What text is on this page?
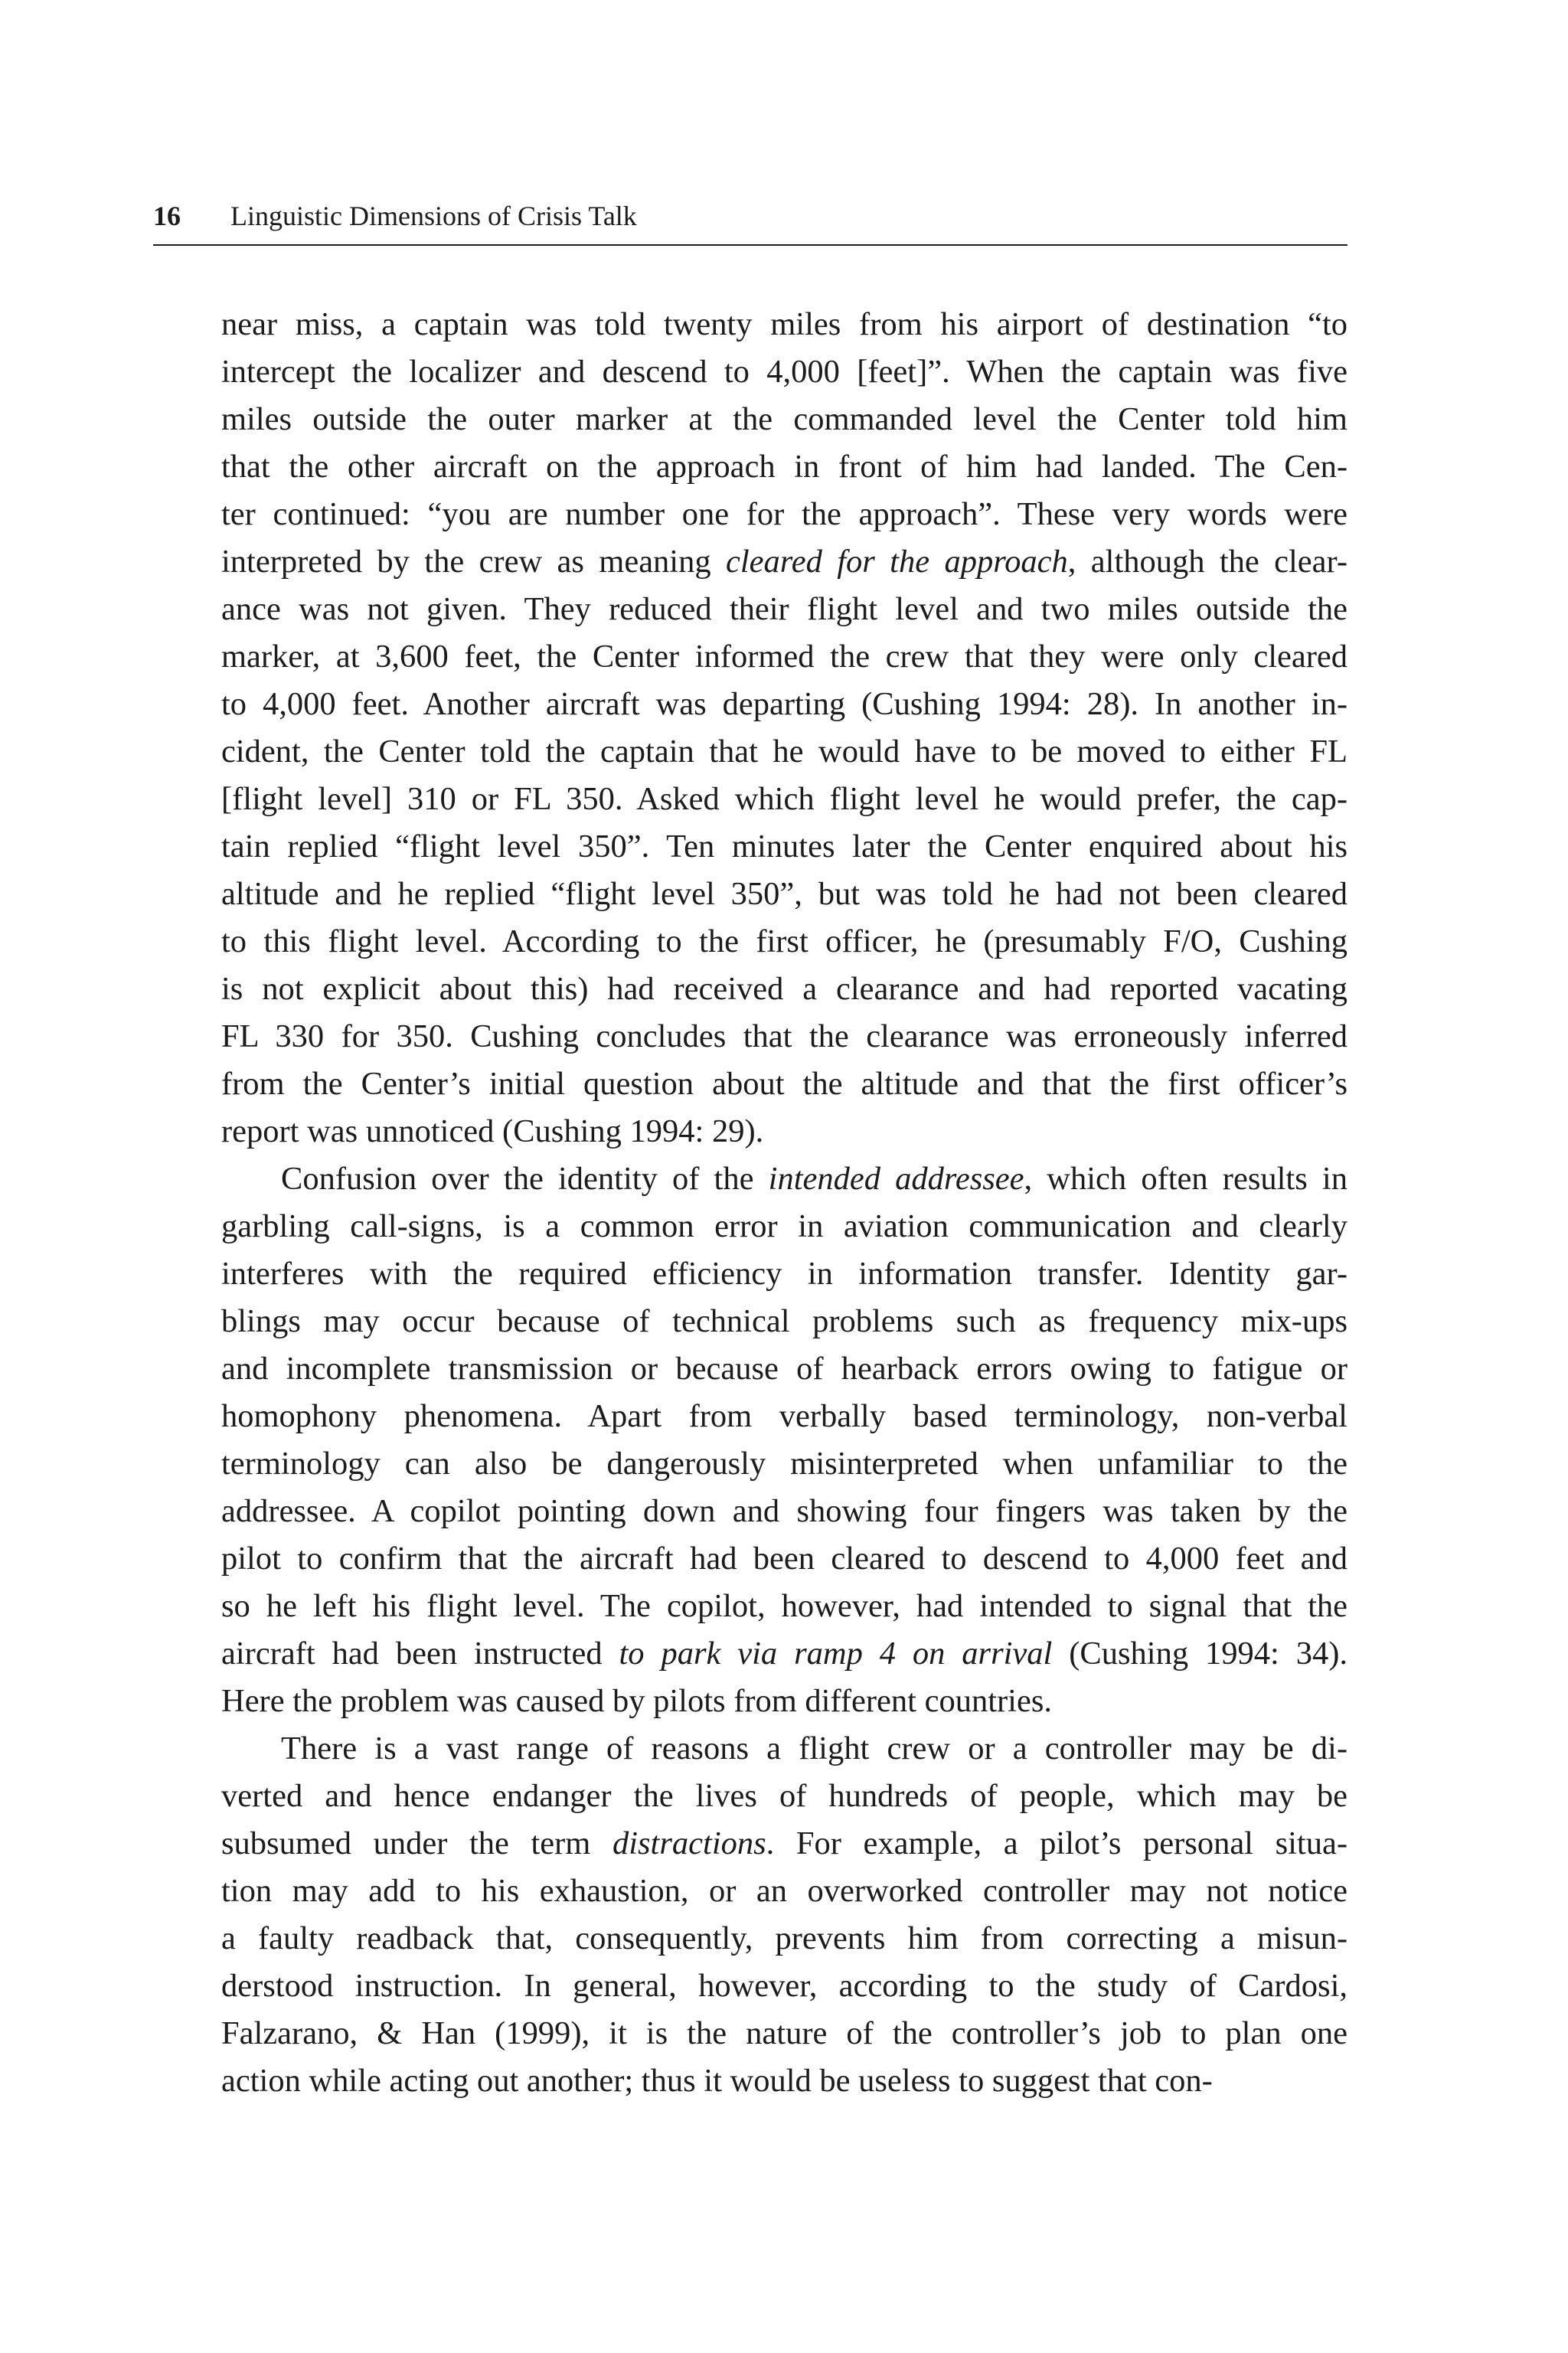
16 Linguistic Dimensions of Crisis Talk
near miss, a captain was told twenty miles from his airport of destination “to
intercept the localizer and descend to 4,000 [feet]”. When the captain was five
miles outside the outer marker at the commanded level the Center told him
that the other aircraft on the approach in front of him had landed. The Cen-
ter continued: “you are number one for the approach”. These very words were
interpreted by the crew as meaning cleared for the approach, although the clear-
ance was not given. They reduced their flight level and two miles outside the
marker, at 3,600 feet, the Center informed the crew that they were only cleared
to 4,000 feet. Another aircraft was departing (Cushing 1994: 28). In another in-
cident, the Center told the captain that he would have to be moved to either FL
[flight level] 310 or FL 350. Asked which flight level he would prefer, the cap-
tain replied “flight level 350”. Ten minutes later the Center enquired about his
altitude and he replied “flight level 350”, but was told he had not been cleared
to this flight level. According to the first officer, he (presumably F/O, Cushing
is not explicit about this) had received a clearance and had reported vacating
FL 330 for 350. Cushing concludes that the clearance was erroneously inferred
from the Center’s initial question about the altitude and that the first officer’s
report was unnoticed (Cushing 1994: 29).
Confusion over the identity of the intended addressee, which often results in
garbling call-signs, is a common error in aviation communication and clearly
interferes with the required efficiency in information transfer. Identity gar-
blings may occur because of technical problems such as frequency mix-ups
and incomplete transmission or because of hearback errors owing to fatigue or
homophony phenomena. Apart from verbally based terminology, non-verbal
terminology can also be dangerously misinterpreted when unfamiliar to the
addressee. A copilot pointing down and showing four fingers was taken by the
pilot to confirm that the aircraft had been cleared to descend to 4,000 feet and
so he left his flight level. The copilot, however, had intended to signal that the
aircraft had been instructed to park via ramp 4 on arrival (Cushing 1994: 34).
Here the problem was caused by pilots from different countries.
There is a vast range of reasons a flight crew or a controller may be di-
verted and hence endanger the lives of hundreds of people, which may be
subsumed under the term distractions. For example, a pilot’s personal situa-
tion may add to his exhaustion, or an overworked controller may not notice
a faulty readback that, consequently, prevents him from correcting a misun-
derstood instruction. In general, however, according to the study of Cardosi,
Falzarano, & Han (1999), it is the nature of the controller’s job to plan one
action while acting out another; thus it would be useless to suggest that con-
